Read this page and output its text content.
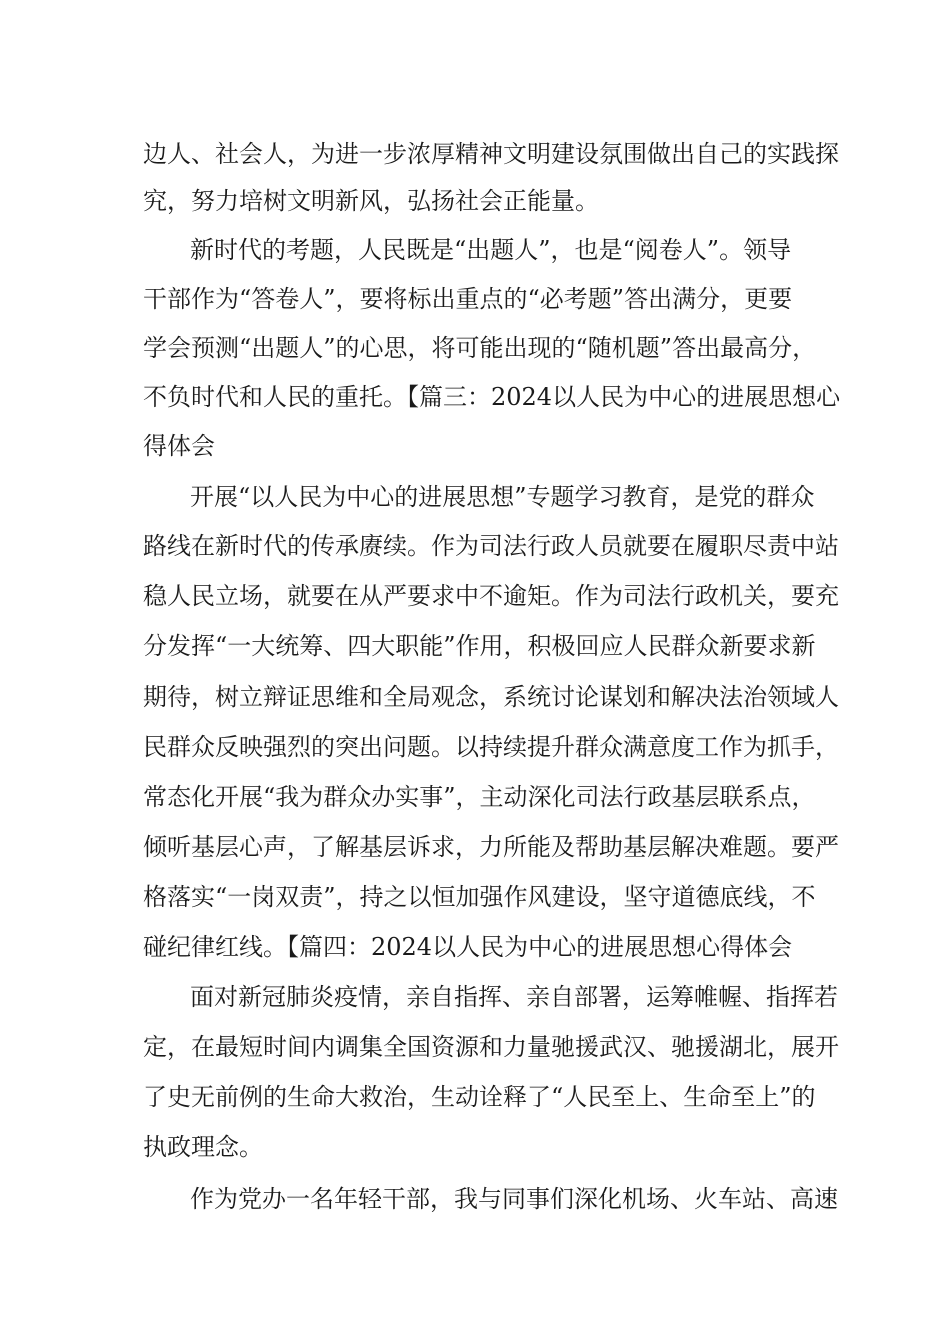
边人、社会人，为进一步浓厚精神文明建设氛围做出自己的实践探
究，努力培树文明新风，弘扬社会正能量。
新时代的考题，人民既是“出题人”，也是“阅卷人”。领导
干部作为“答卷人”，要将标出重点的“必考题”答出满分，更要
学会预测“出题人”的心思，将可能出现的“随机题”答出最高分，
不负时代和人民的重托。【篇三：2024以人民为中心的进展思想心
得体会
开展“以人民为中心的进展思想”专题学习教育，是党的群众
路线在新时代的传承赓续。作为司法行政人员就要在履职尽责中站
稳人民立场，就要在从严要求中不逾矩。作为司法行政机关，要充
分发挥“一大统筹、四大职能”作用，积极回应人民群众新要求新
期待，树立辩证思维和全局观念，系统讨论谋划和解决法治领域人
民群众反映强烈的突出问题。以持续提升群众满意度工作为抓手，
常态化开展“我为群众办实事”，主动深化司法行政基层联系点，
倾听基层心声，了解基层诉求，力所能及帮助基层解决难题。要严
格落实“一岗双责”，持之以恒加强作风建设，坚守道德底线，不
碰纪律红线。【篇四：2024以人民为中心的进展思想心得体会
面对新冠肺炎疫情，亲自指挥、亲自部署，运筹帷幄、指挥若
定，在最短时间内调集全国资源和力量驰援武汉、驰援湖北，展开
了史无前例的生命大救治，生动诠释了“人民至上、生命至上”的
执政理念。
作为党办一名年轻干部，我与同事们深化机场、火车站、高速
